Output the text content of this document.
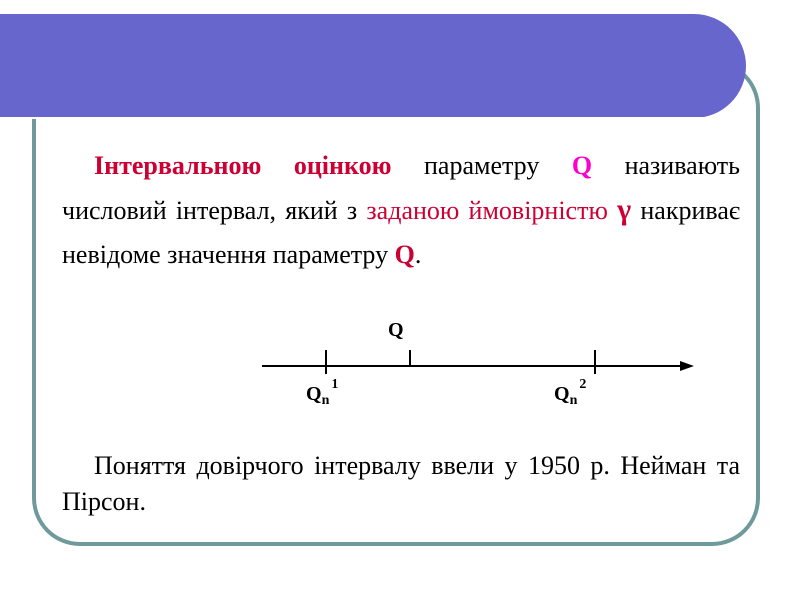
Інтервальною оцінкою параметру Q називають числовий інтервал, який з заданою ймовірністю γ накриває невідоме значення параметру Q.

Q
$Q_n^1$	$Q_n^2$

Поняття довірчого інтервалу ввели у 1950 р. Нейман та Пірсон.
